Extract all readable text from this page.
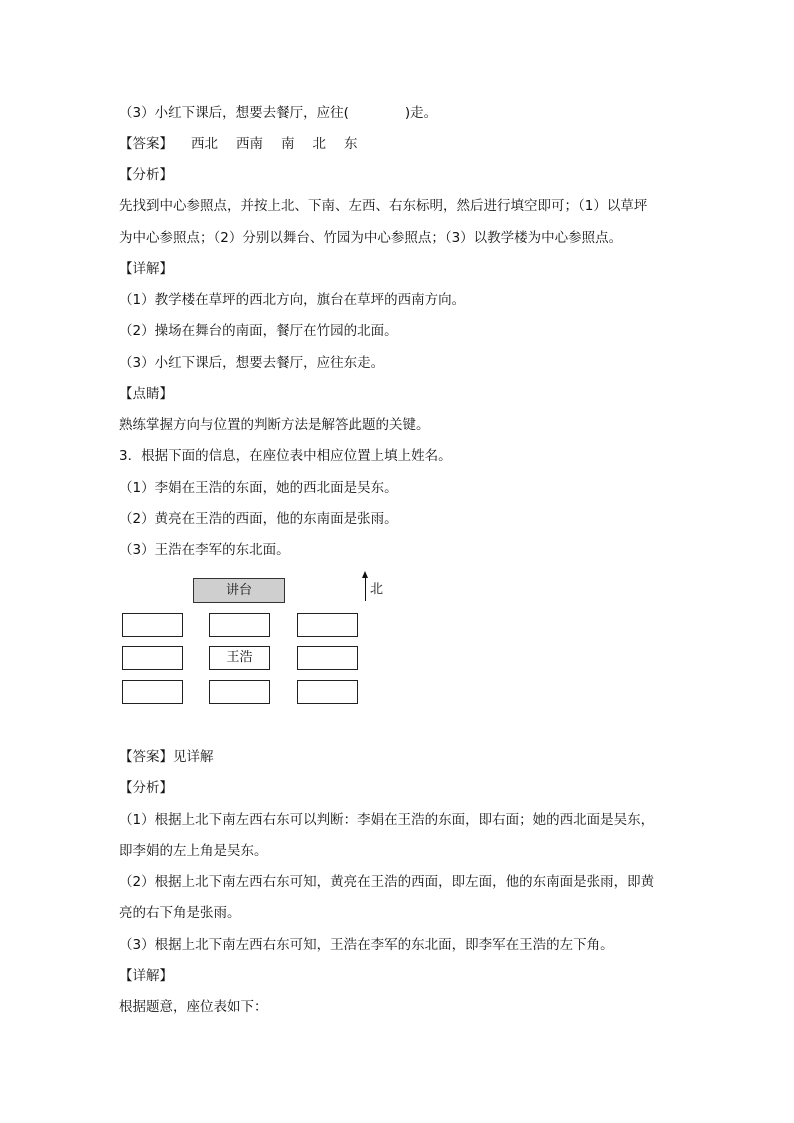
（3）小红下课后，想要去餐厅，应往(	)走。
【答案】 西北 西南 南 北 东
【分析】
先找到中心参照点，并按上北、下南、左西、右东标明，然后进行填空即可；（1）以草坪
为中心参照点；（2）分别以舞台、竹园为中心参照点；（3）以教学楼为中心参照点。
【详解】
（1）教学楼在草坪的西北方向，旗台在草坪的西南方向。
（2）操场在舞台的南面，餐厅在竹园的北面。
（3）小红下课后，想要去餐厅，应往东走。
【点睛】
熟练掌握方向与位置的判断方法是解答此题的关键。
3．根据下面的信息，在座位表中相应位置上填上姓名。
（1）李娟在王浩的东面，她的西北面是吴东。
（2）黄亮在王浩的西面，他的东南面是张雨。
（3）王浩在李军的东北面。
讲台	北
王浩
【答案】见详解
【分析】
（1）根据上北下南左西右东可以判断：李娟在王浩的东面，即右面；她的西北面是吴东，
即李娟的左上角是吴东。
（2）根据上北下南左西右东可知，黄亮在王浩的西面，即左面，他的东南面是张雨，即黄
亮的右下角是张雨。
（3）根据上北下南左西右东可知，王浩在李军的东北面，即李军在王浩的左下角。
【详解】
根据题意，座位表如下：
